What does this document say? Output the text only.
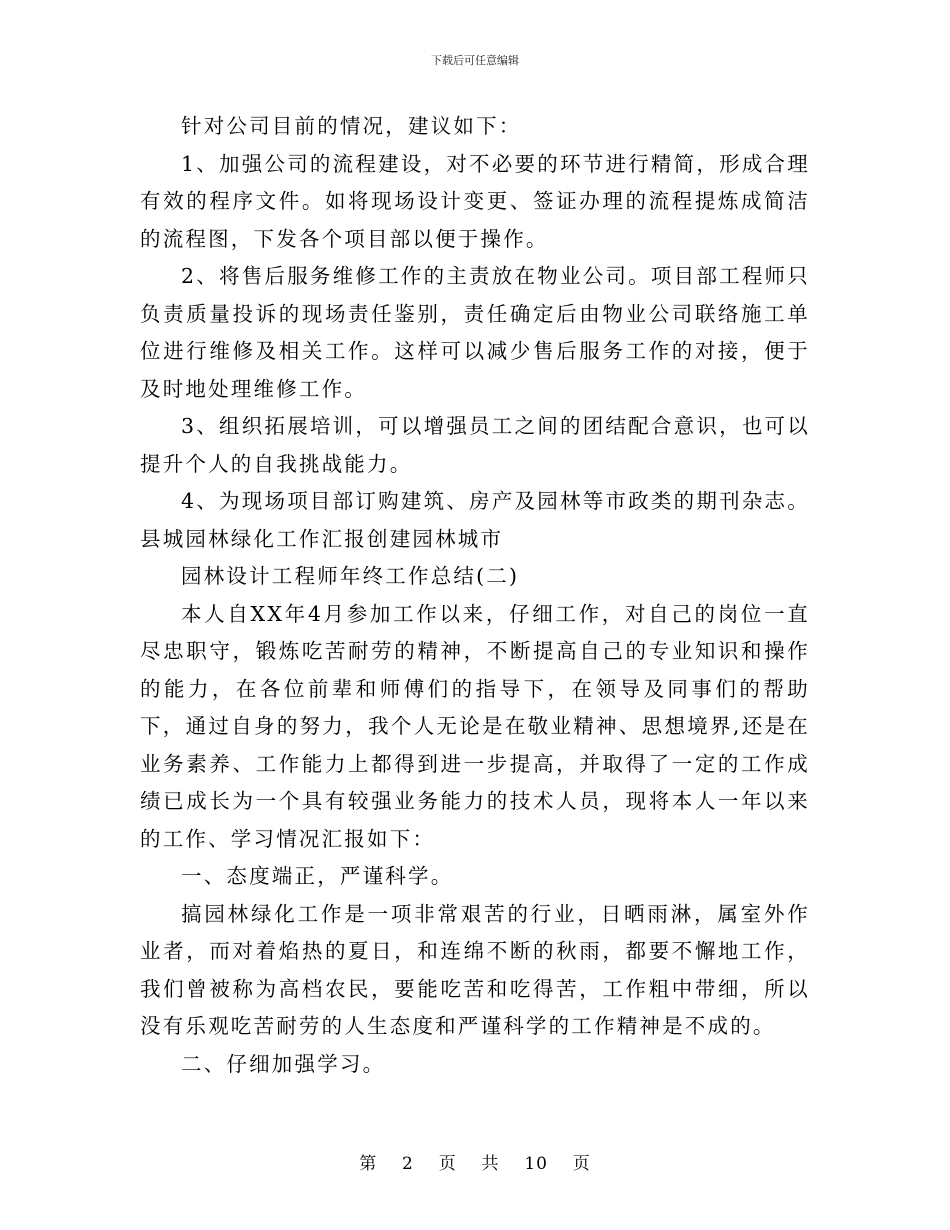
下载后可任意编辑

针对公司目前的情况，建议如下：

1、加强公司的流程建设，对不必要的环节进行精简，形成合理有效的程序文件。如将现场设计变更、签证办理的流程提炼成简洁的流程图，下发各个项目部以便于操作。

2、将售后服务维修工作的主责放在物业公司。项目部工程师只负责质量投诉的现场责任鉴别，责任确定后由物业公司联络施工单位进行维修及相关工作。这样可以减少售后服务工作的对接，便于及时地处理维修工作。

3、组织拓展培训，可以增强员工之间的团结配合意识，也可以提升个人的自我挑战能力。

4、为现场项目部订购建筑、房产及园林等市政类的期刊杂志。县城园林绿化工作汇报创建园林城市

园林设计工程师年终工作总结(二)

本人自XX年4月参加工作以来，仔细工作，对自己的岗位一直尽忠职守，锻炼吃苦耐劳的精神，不断提高自己的专业知识和操作的能力，在各位前辈和师傅们的指导下，在领导及同事们的帮助下，通过自身的努力，我个人无论是在敬业精神、思想境界,还是在业务素养、工作能力上都得到进一步提高，并取得了一定的工作成绩已成长为一个具有较强业务能力的技术人员，现将本人一年以来的工作、学习情况汇报如下：

一、态度端正，严谨科学。

搞园林绿化工作是一项非常艰苦的行业，日晒雨淋，属室外作业者，而对着焰热的夏日，和连绵不断的秋雨，都要不懈地工作，我们曾被称为高档农民，要能吃苦和吃得苦，工作粗中带细，所以没有乐观吃苦耐劳的人生态度和严谨科学的工作精神是不成的。

二、仔细加强学习。

第 2 页 共 10 页
